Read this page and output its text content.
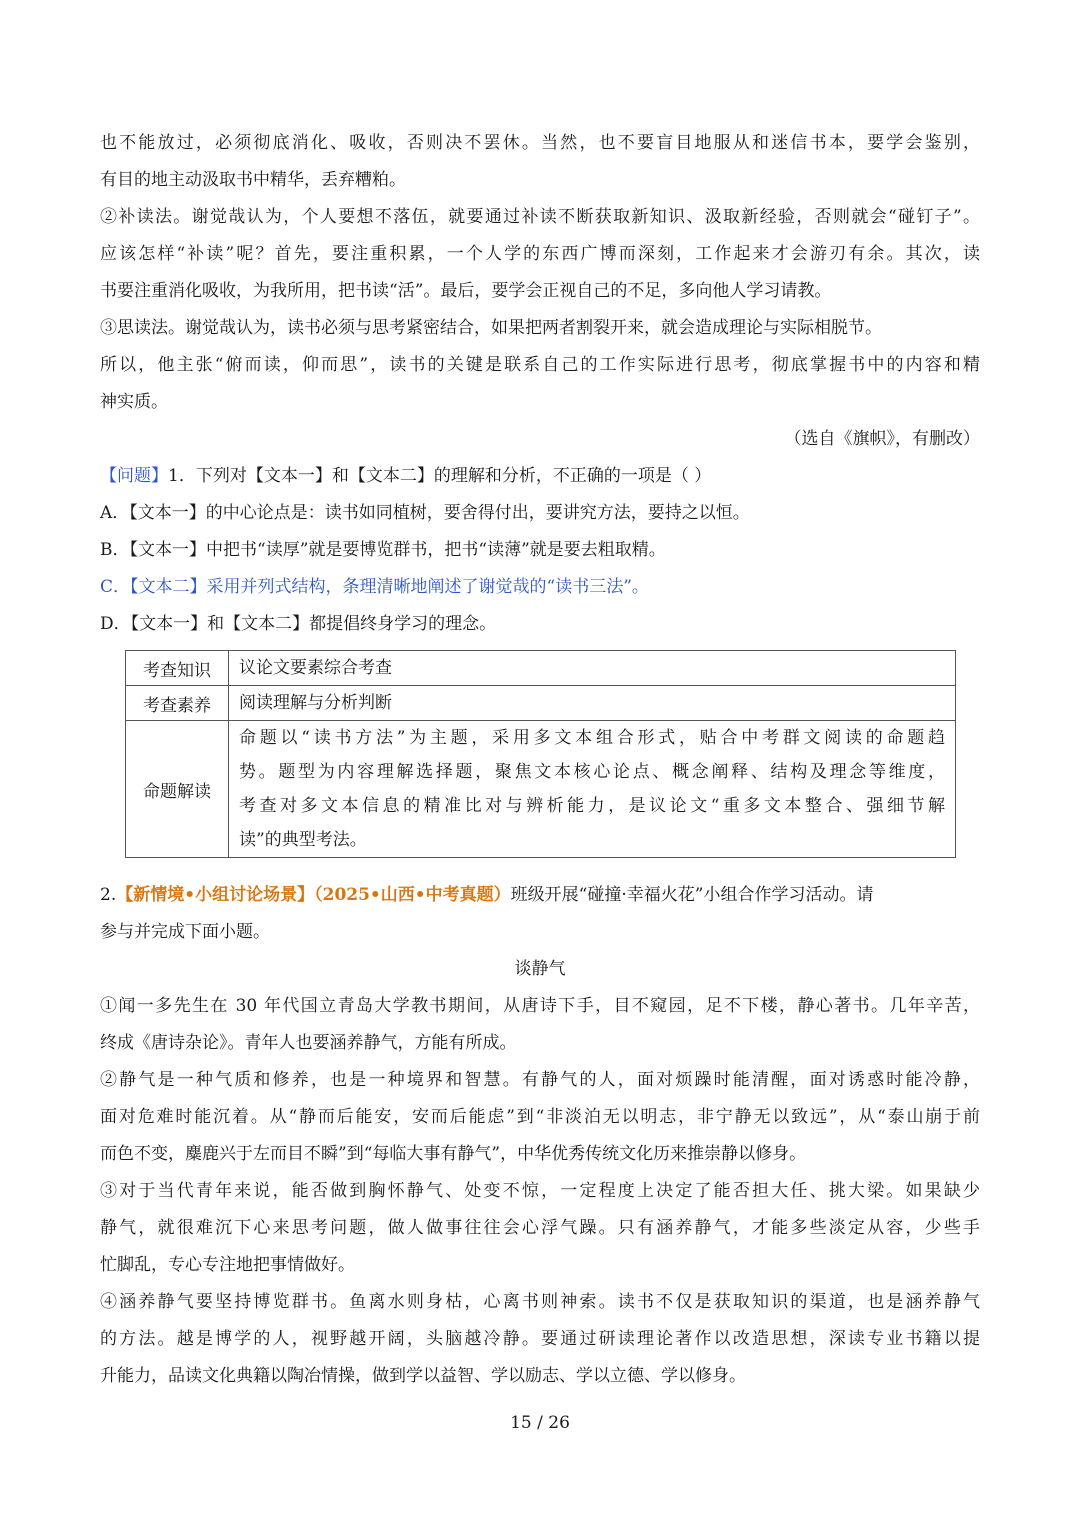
也不能放过，必须彻底消化、吸收，否则决不罢休。当然，也不要盲目地服从和迷信书本，要学会鉴别，
有目的地主动汲取书中精华，丢弃糟粕。
②补读法。谢觉哉认为，个人要想不落伍，就要通过补读不断获取新知识、汲取新经验，否则就会“碰钉子”。
应该怎样“补读”呢？首先，要注重积累，一个人学的东西广博而深刻，工作起来才会游刃有余。其次，读
书要注重消化吸收，为我所用，把书读“活”。最后，要学会正视自己的不足，多向他人学习请教。
③思读法。谢觉哉认为，读书必须与思考紧密结合，如果把两者割裂开来，就会造成理论与实际相脱节。
所以，他主张“俯而读，仰而思”，读书的关键是联系自己的工作实际进行思考，彻底掌握书中的内容和精
神实质。
（选自《旗帜》，有删改）
【问题】1．下列对【文本一】和【文本二】的理解和分析，不正确的一项是（ ）
A．【文本一】的中心论点是：读书如同植树，要舍得付出，要讲究方法，要持之以恒。
B．【文本一】中把书“读厚”就是要博览群书，把书“读薄”就是要去粗取精。
C．【文本二】采用并列式结构，条理清晰地阐述了谢觉哉的“读书三法”。
D．【文本一】和【文本二】都提倡终身学习的理念。
考查知识	议论文要素综合考查

考查素养	阅读理解与分析判断

命题解读	命题以“读书方法”为主题，采用多文本组合形式，贴合中考群文阅读的命题趋
势。题型为内容理解选择题，聚焦文本核心论点、概念阐释、结构及理念等维度，
考查对多文本信息的精准比对与辨析能力，是议论文“重多文本整合、强细节解
读”的典型考法。
2.【新情境•小组讨论场景】（2025•山西•中考真题）班级开展“碰撞·幸福火花”小组合作学习活动。请
参与并完成下面小题。
谈静气
①闻一多先生在 30 年代国立青岛大学教书期间，从唐诗下手，目不窥园，足不下楼，静心著书。几年辛苦，
终成《唐诗杂论》。青年人也要涵养静气，方能有所成。
②静气是一种气质和修养，也是一种境界和智慧。有静气的人，面对烦躁时能清醒，面对诱惑时能冷静，
面对危难时能沉着。从“静而后能安，安而后能虑”到“非淡泊无以明志，非宁静无以致远”，从“泰山崩于前
而色不变，麋鹿兴于左而目不瞬”到“每临大事有静气”，中华优秀传统文化历来推崇静以修身。
③对于当代青年来说，能否做到胸怀静气、处变不惊，一定程度上决定了能否担大任、挑大梁。如果缺少
静气，就很难沉下心来思考问题，做人做事往往会心浮气躁。只有涵养静气，才能多些淡定从容，少些手
忙脚乱，专心专注地把事情做好。
④涵养静气要坚持博览群书。鱼离水则身枯，心离书则神索。读书不仅是获取知识的渠道，也是涵养静气
的方法。越是博学的人，视野越开阔，头脑越冷静。要通过研读理论著作以改造思想，深读专业书籍以提
升能力，品读文化典籍以陶冶情操，做到学以益智、学以励志、学以立德、学以修身。
15 / 26
